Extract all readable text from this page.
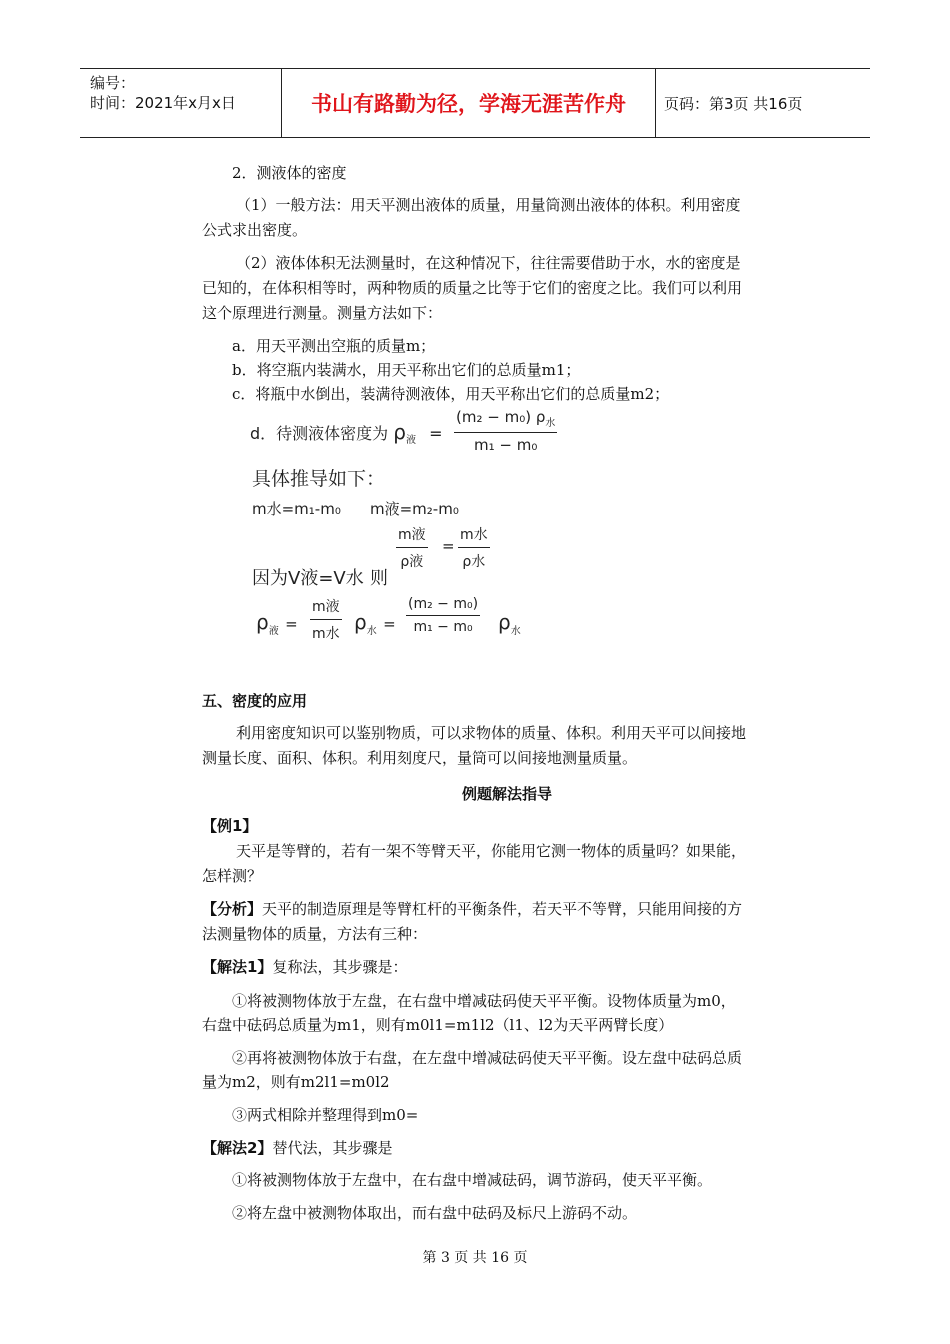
编号：
时间：2021年x月x日	书山有路勤为径，学海无涯苦作舟	页码：第3页 共16页

2．测液体的密度

（1）一般方法：用天平测出液体的质量，用量筒测出液体的体积。利用密度

公式求出密度。

（2）液体体积无法测量时，在这种情况下，往往需要借助于水，水的密度是

已知的，在体积相等时，两种物质的质量之比等于它们的密度之比。我们可以利用

这个原理进行测量。测量方法如下：

a．用天平测出空瓶的质量m；

b．将空瓶内装满水，用天平称出它们的总质量m1；

c．将瓶中水倒出，装满待测液体，用天平称出它们的总质量m2；

d．待测液体密度为 $\rho_液$ =
(m₂ − m₀) $\rho_水$
m₁ − m₀
具体推导如下：
m水=m₁-m₀ m液=m₂-m₀
m液
ρ液
=
m水
ρ水
因为V液=V水 则
$\rho_液$ =
m液
m水 $\rho_水 = \frac{\text{(m₂ − m₀)}}{\text{m₁ − m₀}} \rho_水$

五、密度的应用

利用密度知识可以鉴别物质，可以求物体的质量、体积。利用天平可以间接地

测量长度、面积、体积。利用刻度尺，量筒可以间接地测量质量。

例题解法指导

【例1】

天平是等臂的，若有一架不等臂天平，你能用它测一物体的质量吗？如果能，

怎样测？

【分析】天平的制造原理是等臂杠杆的平衡条件，若天平不等臂，只能用间接的方

法测量物体的质量，方法有三种：

【解法1】复称法，其步骤是：

①将被测物体放于左盘，在右盘中增减砝码使天平平衡。设物体质量为m0，

右盘中砝码总质量为m1，则有m0l1=m1l2（l1、l2为天平两臂长度）

②再将被测物体放于右盘，在左盘中增减砝码使天平平衡。设左盘中砝码总质

量为m2，则有m2l1=m0l2

③两式相除并整理得到m0=

【解法2】替代法，其步骤是

①将被测物体放于左盘中，在右盘中增减砝码，调节游码，使天平平衡。

②将左盘中被测物体取出，而右盘中砝码及标尺上游码不动。

第 3 页 共 16 页
